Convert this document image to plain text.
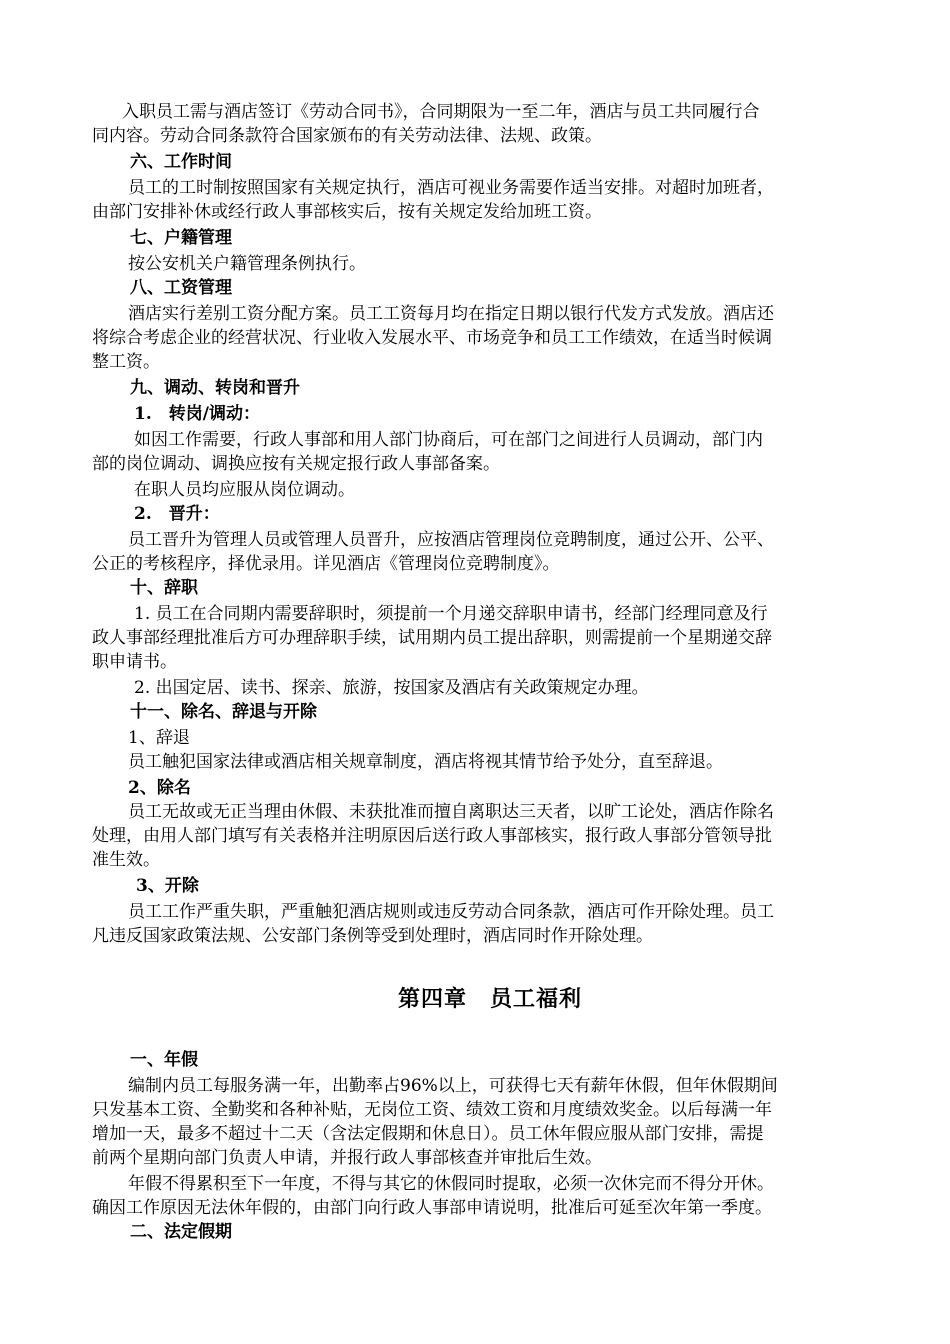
入职员工需与酒店签订《劳动合同书》，合同期限为一至二年，酒店与员工共同履行合
同内容。劳动合同条款符合国家颁布的有关劳动法律、法规、政策。
六、工作时间
员工的工时制按照国家有关规定执行，酒店可视业务需要作适当安排。对超时加班者，
由部门安排补休或经行政人事部核实后，按有关规定发给加班工资。
七、户籍管理
按公安机关户籍管理条例执行。
八、工资管理
酒店实行差别工资分配方案。员工工资每月均在指定日期以银行代发方式发放。酒店还
将综合考虑企业的经营状况、行业收入发展水平、市场竞争和员工工作绩效，在适当时候调
整工资。
九、调动、转岗和晋升
1.　转岗/调动：
如因工作需要，行政人事部和用人部门协商后，可在部门之间进行人员调动，部门内
部的岗位调动、调换应按有关规定报行政人事部备案。
在职人员均应服从岗位调动。
2.　晋升：
员工晋升为管理人员或管理人员晋升，应按酒店管理岗位竞聘制度，通过公开、公平、
公正的考核程序，择优录用。详见酒店《管理岗位竞聘制度》。
十、辞职
1. 员工在合同期内需要辞职时，须提前一个月递交辞职申请书，经部门经理同意及行
政人事部经理批准后方可办理辞职手续，试用期内员工提出辞职，则需提前一个星期递交辞
职申请书。
2. 出国定居、读书、探亲、旅游，按国家及酒店有关政策规定办理。
十一、除名、辞退与开除
1、辞退
员工触犯国家法律或酒店相关规章制度，酒店将视其情节给予处分，直至辞退。
2、除名
员工无故或无正当理由休假、未获批准而擅自离职达三天者，以旷工论处，酒店作除名
处理，由用人部门填写有关表格并注明原因后送行政人事部核实，报行政人事部分管领导批
准生效。
3、开除
员工工作严重失职，严重触犯酒店规则或违反劳动合同条款，酒店可作开除处理。员工
凡违反国家政策法规、公安部门条例等受到处理时，酒店同时作开除处理。
第四章　员工福利
一、年假
编制内员工每服务满一年，出勤率占96%以上，可获得七天有薪年休假，但年休假期间
只发基本工资、全勤奖和各种补贴，无岗位工资、绩效工资和月度绩效奖金。以后每满一年
增加一天，最多不超过十二天（含法定假期和休息日）。员工休年假应服从部门安排，需提
前两个星期向部门负责人申请，并报行政人事部核查并审批后生效。
年假不得累积至下一年度，不得与其它的休假同时提取，必须一次休完而不得分开休。
确因工作原因无法休年假的，由部门向行政人事部申请说明，批准后可延至次年第一季度。
二、法定假期
